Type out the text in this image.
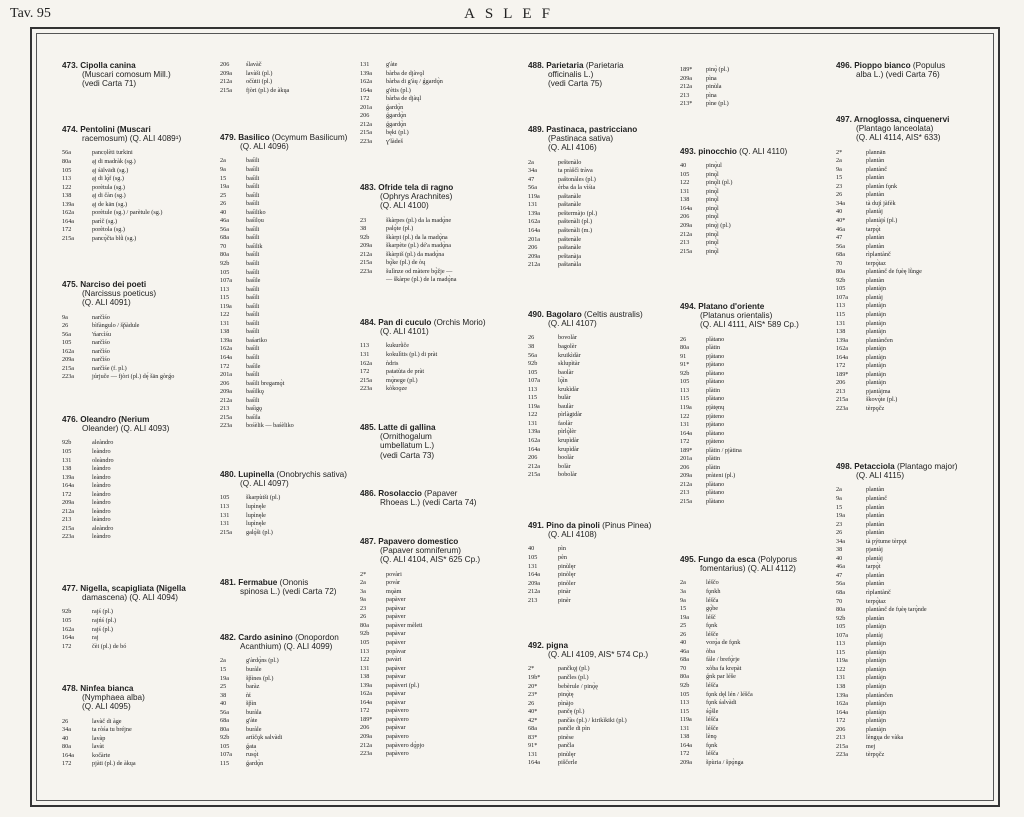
Tav. 95	ASLEF
473. Cipolla canina
(Muscari comosum Mill.)
(vedi Carta 71)
474. Pentolini (Muscari
racemosum) (Q. ALI 4089¹)
56a	pancọlèti turkini
80a	ạj di madràk (sg.)
105	ạj śālvādi (sg.)
113	ạj di lǫ̀f (sg.)
122	porètula (sg.)
138	ạj di čàn (sg.)
139a	ạj de kān (sg.)
162a	porètule (sg.) / parètule (sg.)
164a	parìč (sg.)
172	porètola (sg.)
215a	pancǫ̀čta blǜ (sg.)
475. Narciso dei poeti
(Narcissus poeticus)
(Q. ALI 4091)
9a	narčìśo
26	bìfàngulo / šp̌àdule
56a	'ńarcìśu
105	narčìśo
162a	narčìśo
209a	narčìśo
215a	narčìśe (f. pl.)
223a	júrjuče — fjòri (pl.) dę́ šān gòrǵo
476. Oleandro (Nerium
Oleander) (Q. ALI 4093)
92b	aleàndro
105	leàndro
131	oleàndro
138	leàndro
139a	leàndro
164a	leàndro
172	leàndro
209a	leàndro
212a	leàndro
213	leàndro
215a	aleàndro
223a	leàndro
477. Nigella, scapigliata (Nigella
damascena) (Q. ALI 4094)
92b	rajś (pl.)
105	rajńś (pl.)
162a	rajś (pl.)
164a	raj
172	čèi (pl.) de bó
478. Ninfea bianca
(Nymphaea alba)
(Q. ALI 4095)
26	lavàč di àge
34a	ta ròśa tu bréjne
40	lavàp
80a	lavàt
164a	kočàrte
172	pjàti (pl.) de àkųa
206	ślavàč
209a lavàši (pl.)
212a očùtii (pl.)
215a fjòri (pl.) de àkųa
479. Basilico (Ocymum Basilicum)
(Q. ALI 4096)
2a	baśìli
9a	baśìli
15	baśìli
19a	baśìli
25	baśìli
26	baśìli
40	baśìliko
46a	baśìlọu
56a	baśìli
68a	baśìli
70	baśìlik
80a	baśìli
92b	baśìli
105	baśìli
107a baśìle
113	baśìli
115	baśìli
119a baśìli
122	baśìli
131	baśìli
138	baśìli
139a baśariko
162a baśìli
164a baśìli
172	baśìle
201a baśìli
206	baśìli bregamǫ̀t
209a baśìlkǫ
212a baśìli
213	baśìgǫ
215a baśìla
223a bośèlik — baśèliko
480. Lupinella (Onobrychis sativa)
(Q. ALI 4097)
105	škarpùtši (pl.)
113	lupìnęle
131	lupìnęle
131	lupìnęle
215a galǫ̀ši (pl.)
481. Fermabue (Ononis
spinosa L.) (vedi Carta 72)
482. Cardo asinino (Onopordon
Acanthium) (Q. ALI 4099)
2a	g'àrdǫ̀ns (pl.)
15	buràle
19a	šp̌ìnes (pl.)
25	baràz
38	ǹṫ
40	šp̌ìn
56a	buràla
68a	g'àte
80a	buràle
92b	artìčǫk salvàdi
105	ǵata
107a rusǫ̀t
115	ǵardǫ̀n
131	g'àte
139a bàrba de djàvǫl
162a bàrba di g'àų / ǵgardǫ̀n
164a g'ètis (pl.)
172	bàrba de djàųl
201a ǵardǫ̀n
206	ǵgardǫ̀n
212a ǵgardǫ̀n
215a bęki (pl.)
223a ɣ'làdeš
483. Ofride tela di ragno
(Ophrys Arachnites)
(Q. ALI 4100)
23	škàrpes (pl.) da la madǫ̀ne
38	palǫ̀te (pl.)
92b	škàrpi (pl.) da la madǫ̀na
209a škarpète (pl.) dé'a madǫ̀na
212a škàrpiš (pl.) da madǫ̀na
215a bǫ̀ke (pl.) de òų
223a šulìnze od màtere bǫ̀žje —
— škàrpe (pl.) de la madǫ̀na
484. Pan di cuculo (Orchis Morio)
(Q. ALI 4101)
113	kukurǜče
131	kokulìtis (pl.) di pràt
162a ǹdris
172	patatùta de pràt
215a mǫ̀nege (pl.)
223a kòkoǫze
485. Latte di gallina
(Ornithogalum
umbellatum L.)
(vedi Carta 73)
486. Rosolaccio (Papaver
Rhoeas L.) (vedi Carta 74)
487. Papavero domestico
(Papaver somniferum)
(Q. ALI 4104, AIS* 625 Cp.)
2*	povàri
2a	povàr
3a	mǫàm
9a	papàver
23	papàvar
26	papàver
80a	papàver mèleti
92b	papàvar
105	papàver
113	popàvar
122	pavàri
131	papàver
138	papàvar
139a papàveri (pl.)
162a papàvar
164a papàvar
172	papàvero
189* papàvero
206	papàvar
209a papàvero
212a papàvero dǫ̀pjo
223a papàvero
488. Parietaria (Parietaria
officinalis L.)
(vedi Carta 75)
489. Pastinaca, pastricciano
(Pastinaca sativa)
(Q. ALI 4106)
2a	peštenàlo
34a	ta pràščì tràva
47	paštonàles (pl.)
56a	èrba da la vìśia
119a	paštanàle
131	paštanàle
139a	peštermàjo (pl.)
162a	paštenàli (pl.)
164a	paštenàli (m.)
201a	paštenàle
206	paštanàle
209a	peštanàja
212a	paštanàla
490. Bagolaro (Celtis australis)
(Q. ALI 4107)
26	bovolàr
38	bagolèr
56a	kruikìdàr
92b	sklupìtàr
105	baolàr
107a	lǫ̀ìn
113	krukìdàr
115	bulàr
119a	baulàr
122	pìrlàgtdàr
131	faolàr
139a	pìrlǫ̀lèr
162a	krupìdàr
164a	krupìdàr
206	boolàr
212a	bolàr
215a	bobolàr
491. Pino da pinoli (Pinus Pinea)
(Q. ALI 4108)
40	pìn
105	pèn
131	pinùlęr
164a	pinòlęr
209a	pinòler
212a	pinàr
213	pinèr
492. pigna
(Q. ALI 4109, AIS* 574 Cp.)
2*	pančkǫj (pl.)
19b*	pančles (pl.)
20*	bebèrule / pinǫ̀ę
23*	pinǫ̀tę
26	pìnàjo
40*	pančę (pl.)
42*	pančàs (pl.) / kirikìkiki (pl.)
68a	pančle di pìn
83*	pinèse
91*	pančla
131	pinùlęr
164a	piščerle
189* pinǫ̀ (pl.)
209a pìna
212a pinùla
213	pìna
213* pìne (pl.)
493. pinocchio (Q. ALI 4110)
40	pinǫ̀ul
105	pinǫ̀l
122	pinǫ̀li (pl.)
131	pinǫ̀l
138	pinǫ̀l
164a pinǫ̀l
206	pinǫ̀l
209a pinǫ̀j (pl.)
212a pinǫ̀l
213	pinǫ̀l
215a pinǫ̀l
494. Platano d'oriente
(Platanus orientalis)
(Q. ALI 4111, AIS* 589 Cp.)
26	plàtano
80a	plàtin
91	pjàtano
91*	pjàtano
92b	plàtano
105	plàtano
113	plàtin
115	plàtano
119a pjàtęnų
122	pjàteno
131	pjàtano
164a plàtano
172	pjàteno
189* plàtin / pjàtina
201a plàtin
206	plàtin
209a pràteni (pl.)
212a plàtano
213	plàtano
215a plàtano
495. Fungo da esca (Polyporus
fomentarius) (Q. ALI 4112)
2a	léščo
3a	fǫnkh
9a	léšča
15	gǫ̀be
19a	léšč
25	fǫnk
26	léšče
40	vorǫ̀a de fǫnk
46a	òba
68a	fàle / brefǫ̀rje
70	xòba fa krepàt
80a	ǵnk par léše
92b	léšča
105	fǫnk dęl lén / léšča
113	fǫnk śalvàdi
115	śǫ̀šle
119a léšča
131	léšče
138	lènǫ
164a fǫnk
172	léšča
209a špùria / špǫ̀nga
496. Pioppo bianco (Populus
alba L.) (vedi Carta 76)
497. Arnoglossa, cinquenervi
(Plantago lanceolata)
(Q. ALI 4114, AIS* 633)
2*	plannān
2a	plantàn
9a	plantànč
15	plantàn
23	plantàn fǫnk
26	plantàn
34a	tà dujì jàfèk
40	plantàj
40*	plantàjś (pl.)
46a	tarpǫ̀t
47	plantàn
56a	plantàn
68a	rìplantànč
70	terpǫ̀taz
80a	plantànč de fụèę lǜnge
92b	plantàn
105	plantàjn
107a	plantàj
113	plantàjn
115	plantàjn
131	plantàjn
138	plantàjn
139a	plantànčen
162a	plantàjn
164a	plantàjn
172	plantàjn
189*	plantàjn
206	plantàjn
213	pjantàjma
215a	škovǫ̀te (pl.)
223a	tèrpǫčz
498. Petacciola (Plantago major)
(Q. ALI 4115)
2a	plantàn
9a	plantànč
15	plantàn
19a	plantàn
23	plantàn
26	plantàn
34a	tà pýtume tèrpǫt
38	pjantàj
40	plantàj
46a	tarpǫ̀t
47	plantàn
56a	plantàn
68a	rìplantànč
70	terpǫ̀taz
80a	plantànč de fụèę tarǫ̀nde
92b	plantàn
105	plantàjn
107a	plantàj
113	plantàjn
115	plantàjn
119a	plantàjn
122	plantàjn
131	plantàjn
138	plantàjn
139a	plantànčen
162a	plantàjn
164a	plantàjn
172	plantàjn
206	plantàjn
213	lèngųa de vàka
215a	mej
223a	tèrpǫčz
